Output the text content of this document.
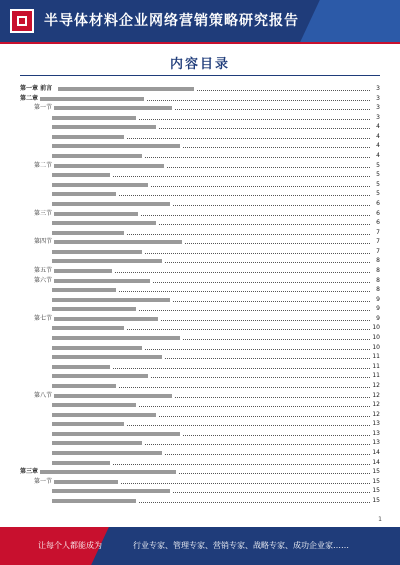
半导体材料企业网络营销策略研究报告
内容目录
第一章 前言	3
第二章	3
第一节	3
3
4
4
4
4
第二节	5
5
5
5
6
第三节	6
6
7
第四节	7
7
8
第五节	8
第六节	8
8
9
9
第七节	9
10
10
10
11
11
11
12
第八节	12
12
12
13
13
13
14
14
第三章	15
第一节	15
15
15
1
让每个人都能成为	行业专家、管理专家、营销专家、战略专家、成功企业家……
